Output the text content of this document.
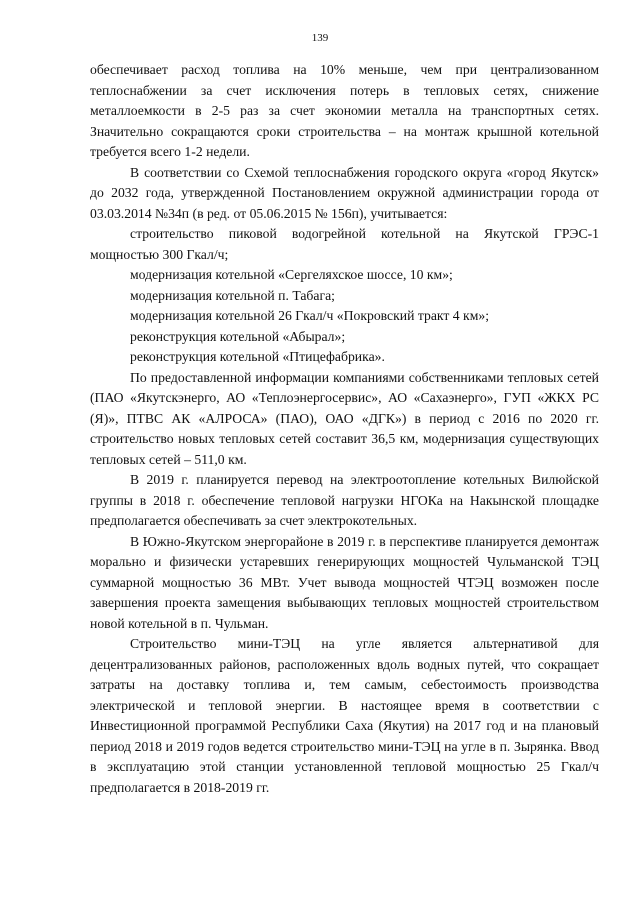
139

обеспечивает расход топлива на 10% меньше, чем при централизованном теплоснабжении за счет исключения потерь в тепловых сетях, снижение металлоемкости в 2-5 раз за счет экономии металла на транспортных сетях. Значительно сокращаются сроки строительства – на монтаж крышной котельной требуется всего 1-2 недели.

В соответствии со Схемой теплоснабжения городского округа «город Якутск» до 2032 года, утвержденной Постановлением окружной администрации города от 03.03.2014 №34п (в ред. от 05.06.2015 № 156п), учитывается:

строительство пиковой водогрейной котельной на Якутской ГРЭС-1 мощностью 300 Гкал/ч;

модернизация котельной «Сергеляхское шоссе, 10 км»;

модернизация котельной п. Табага;

модернизация котельной 26 Гкал/ч «Покровский тракт 4 км»;

реконструкция котельной «Абырал»;

реконструкция котельной «Птицефабрика».

По предоставленной информации компаниями собственниками тепловых сетей (ПАО «Якутскэнерго, АО «Теплоэнергосервис», АО «Сахаэнерго», ГУП «ЖКХ РС (Я)», ПТВС АК «АЛРОСА» (ПАО), ОАО «ДГК») в период с 2016 по 2020 гг. строительство новых тепловых сетей составит 36,5 км, модернизация существующих тепловых сетей – 511,0 км.

В 2019 г. планируется перевод на электроотопление котельных Вилюйской группы в 2018 г. обеспечение тепловой нагрузки НГОКа на Накынской площадке предполагается обеспечивать за счет электрокотельных.

В Южно-Якутском энергорайоне в 2019 г. в перспективе планируется демонтаж морально и физически устаревших генерирующих мощностей Чульманской ТЭЦ суммарной мощностью 36 МВт. Учет вывода мощностей ЧТЭЦ возможен после завершения проекта замещения выбывающих тепловых мощностей строительством новой котельной в п. Чульман.

Строительство мини-ТЭЦ на угле является альтернативой для децентрализованных районов, расположенных вдоль водных путей, что сокращает затраты на доставку топлива и, тем самым, себестоимость производства электрической и тепловой энергии. В настоящее время в соответствии с Инвестиционной программой Республики Саха (Якутия) на 2017 год и на плановый период 2018 и 2019 годов ведется строительство мини-ТЭЦ на угле в п. Зырянка. Ввод в эксплуатацию этой станции установленной тепловой мощностью 25 Гкал/ч предполагается в 2018-2019 гг.
